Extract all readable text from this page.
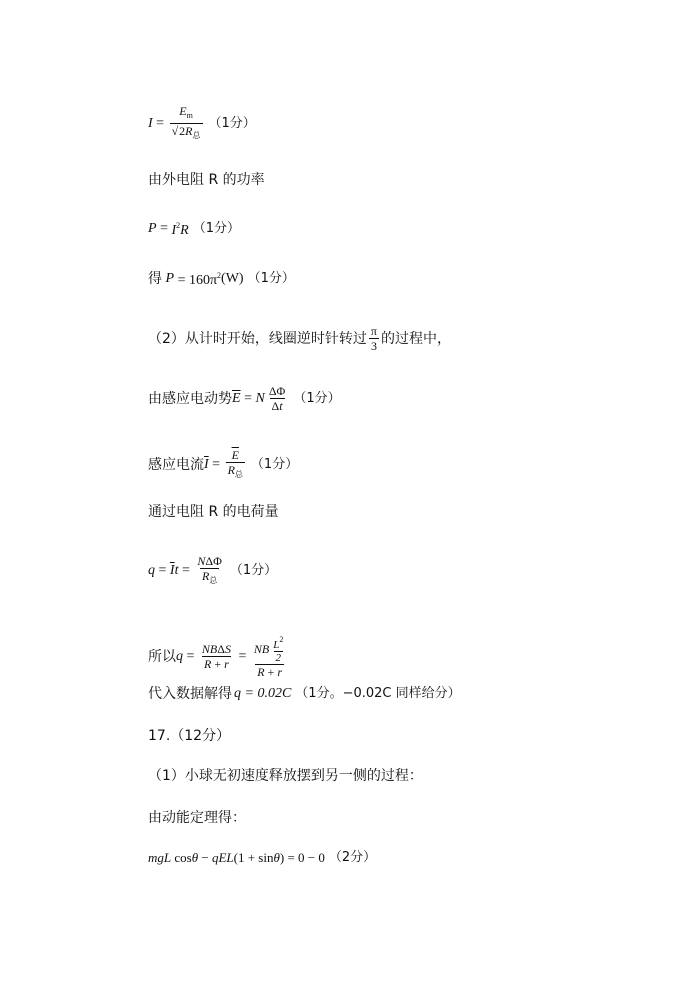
$I = \frac{E_m}{√2R_总} (1$分）
由外电阻 R 的功率
$P = I^2R$ （1分）
得 $P = 160\pi^2$ (W) （1分）
（2）从计时开始，线圈逆时针转过 $\frac{\pi}{3}$ 的过程中，
由感应电动势 $\overline{E} = N \frac{\Delta\Phi}{\Delta t} (1$分）
感应电流 $\overline{I} = \frac{\overline{E}}{R_总} (1$分）
通过电阻 R 的电荷量
$q = \overline{I}t = \frac{\text{NΔΦ}}{R_总} (1$分）
所以 $q = \frac{\text{NBΔS}}{R + r} = \frac{NB \frac{L^2}{2}}{R + r}$
代入数据解得 q = 0.02C （1分。−0.02C 同样给分）
17.（12分）
（1）小球无初速度释放摆到另一侧的过程：
由动能定理得：
mgL cosθ − qEL(1 + sinθ) = 0 − 0 （2分）
